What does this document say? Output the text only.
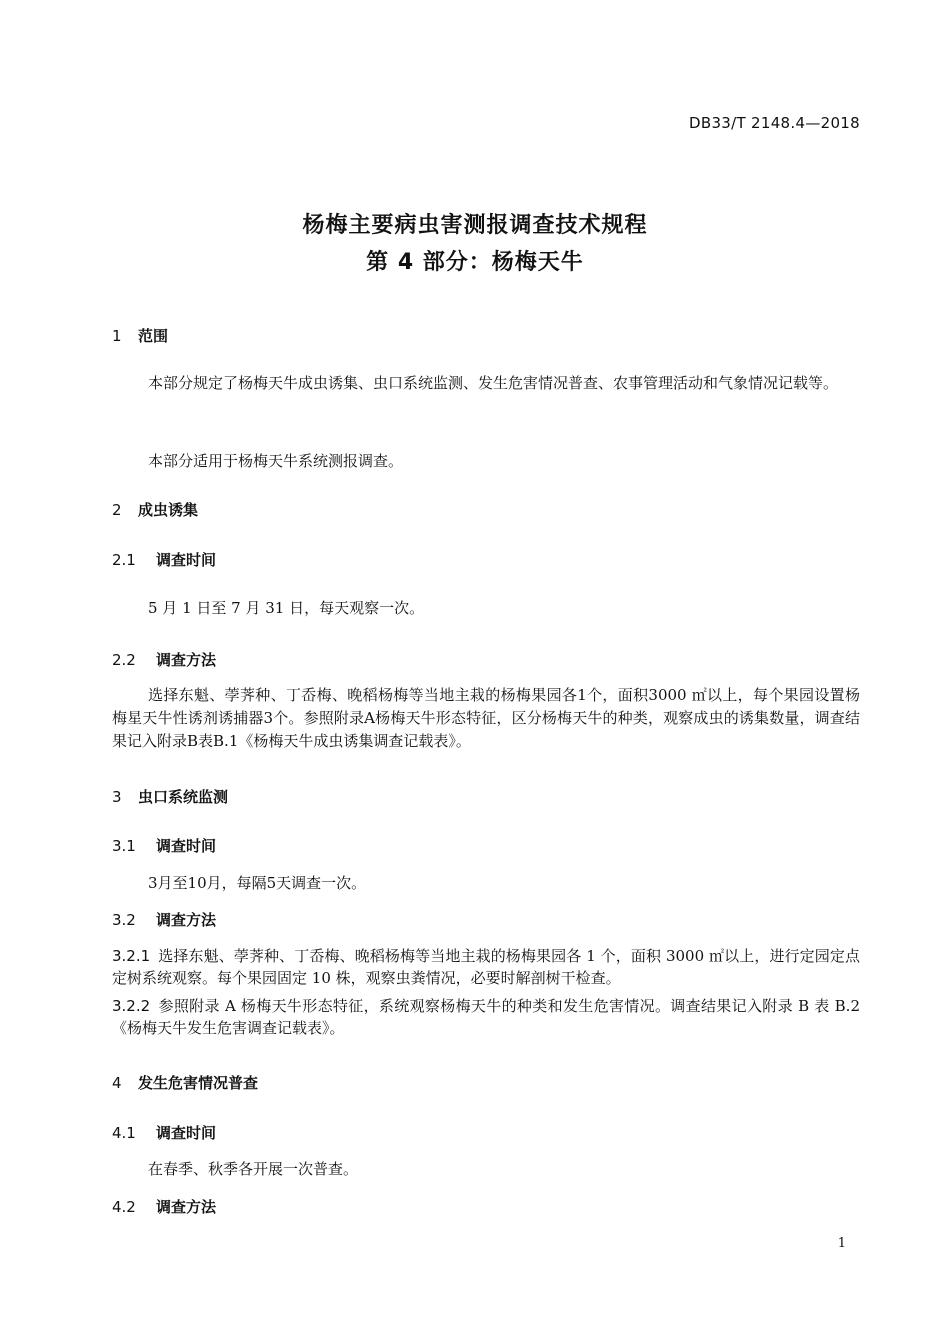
DB33/T 2148.4—2018
杨梅主要病虫害测报调查技术规程
第 4 部分：杨梅天牛
1 范围
本部分规定了杨梅天牛成虫诱集、虫口系统监测、发生危害情况普查、农事管理活动和气象情况记载等。
本部分适用于杨梅天牛系统测报调查。
2 成虫诱集
2.1 调查时间
5 月 1 日至 7 月 31 日，每天观察一次。
2.2 调查方法
选择东魁、荸荠种、丁岙梅、晚稻杨梅等当地主栽的杨梅果园各1个，面积3000 ㎡以上，每个果园设置杨梅星天牛性诱剂诱捕器3个。参照附录A杨梅天牛形态特征，区分杨梅天牛的种类，观察成虫的诱集数量，调查结果记入附录B表B.1《杨梅天牛成虫诱集调查记载表》。
3 虫口系统监测
3.1 调查时间
3月至10月，每隔5天调查一次。
3.2 调查方法
3.2.1 选择东魁、荸荠种、丁岙梅、晚稻杨梅等当地主栽的杨梅果园各 1 个，面积 3000 ㎡以上，进行定园定点定树系统观察。每个果园固定 10 株，观察虫粪情况，必要时解剖树干检查。
3.2.2 参照附录 A 杨梅天牛形态特征，系统观察杨梅天牛的种类和发生危害情况。调查结果记入附录 B 表 B.2《杨梅天牛发生危害调查记载表》。
4 发生危害情况普查
4.1 调查时间
在春季、秋季各开展一次普查。
4.2 调查方法
1
